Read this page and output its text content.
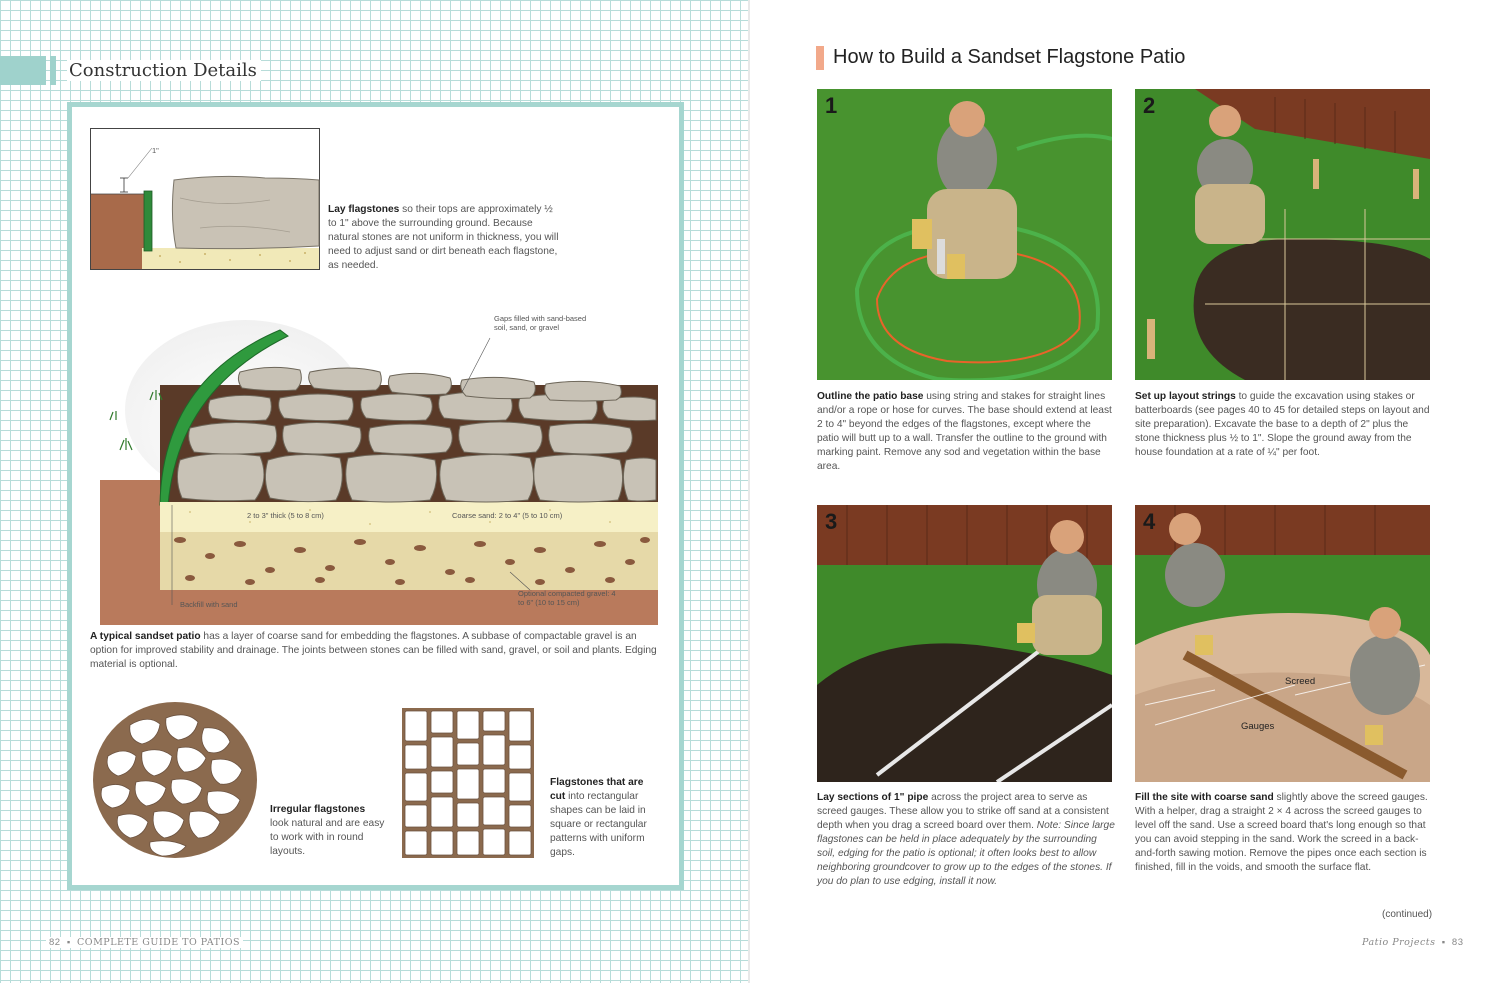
Construction Details
1"
Lay flagstones so their tops are approximately ½ to 1" above the surrounding ground. Because natural stones are not uniform in thickness, you will need to adjust sand or dirt beneath each flagstone, as needed.
Gaps filled with sand-based soil, sand, or gravel
2 to 3" thick (5 to 8 cm)	Coarse sand: 2 to 4" (5 to 10 cm)
Backfill with sand
Optional compacted gravel: 4 to 6" (10 to 15 cm)
A typical sandset patio has a layer of coarse sand for embedding the flagstones. A subbase of compactable gravel is an option for improved stability and drainage. The joints between stones can be filled with sand, gravel, or soil and plants. Edging material is optional.
Irregular flagstones
look natural and are easy to work with in round layouts.
Flagstones that are cut into rectangular shapes can be laid in square or rectangular patterns with uniform gaps.
82  ▪  COMPLETE GUIDE TO PATIOS
How to Build a Sandset Flagstone Patio
1	2
Outline the patio base using string and stakes for straight lines and/or a rope or hose for curves. The base should extend at least 2 to 4" beyond the edges of the flagstones, except where the patio will butt up to a wall. Transfer the outline to the ground with marking paint. Remove any sod and vegetation within the base area.
Set up layout strings to guide the excavation using stakes or batterboards (see pages 40 to 45 for detailed steps on layout and site preparation). Excavate the base to a depth of 2" plus the stone thickness plus ½ to 1". Slope the ground away from the house foundation at a rate of ¼" per foot.
3	4
Screed
Gauges
Lay sections of 1" pipe across the project area to serve as screed gauges. These allow you to strike off sand at a consistent depth when you drag a screed board over them. Note: Since large flagstones can be held in place adequately by the surrounding soil, edging for the patio is optional; it often looks best to allow neighboring groundcover to grow up to the edges of the stones. If you do plan to use edging, install it now.
Fill the site with coarse sand slightly above the screed gauges. With a helper, drag a straight 2 × 4 across the screed gauges to level off the sand. Use a screed board that's long enough so that you can avoid stepping in the sand. Work the screed in a back-and-forth sawing motion. Remove the pipes once each section is finished, fill in the voids, and smooth the surface flat.
(continued)
Patio Projects  ▪  83
